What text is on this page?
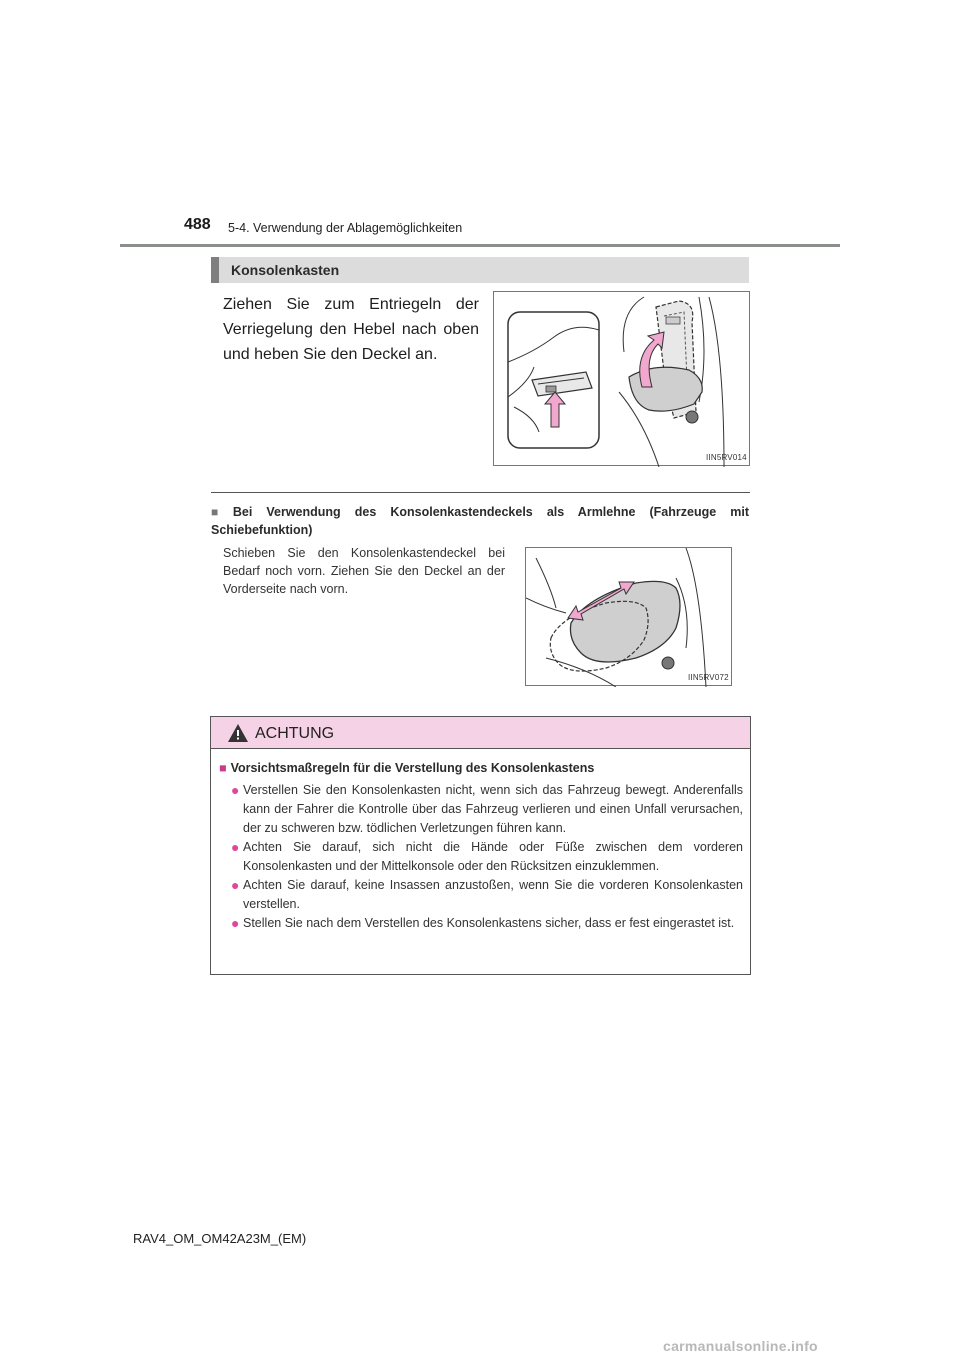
488 5-4. Verwendung der Ablagemöglichkeiten
Konsolenkasten
Ziehen Sie zum Entriegeln der Verriegelung den Hebel nach oben und heben Sie den Deckel an.
IIN5RV014
■ Bei Verwendung des Konsolenkastendeckels als Armlehne (Fahrzeuge mit Schiebefunktion)
Schieben Sie den Konsolenkastendeckel bei Bedarf noch vorn. Ziehen Sie den Deckel an der Vorderseite nach vorn.
IIN5RV072
ACHTUNG
■ Vorsichtsmaßregeln für die Verstellung des Konsolenkastens
● Verstellen Sie den Konsolenkasten nicht, wenn sich das Fahrzeug bewegt. Anderenfalls kann der Fahrer die Kontrolle über das Fahrzeug verlieren und einen Unfall verursachen, der zu schweren bzw. tödlichen Verletzungen führen kann.
● Achten Sie darauf, sich nicht die Hände oder Füße zwischen dem vorderen Konsolenkasten und der Mittelkonsole oder den Rücksitzen einzuklemmen.
● Achten Sie darauf, keine Insassen anzustoßen, wenn Sie die vorderen Konsolenkasten verstellen.
● Stellen Sie nach dem Verstellen des Konsolenkastens sicher, dass er fest eingerastet ist.
RAV4_OM_OM42A23M_(EM)
carmanualsonline.info
